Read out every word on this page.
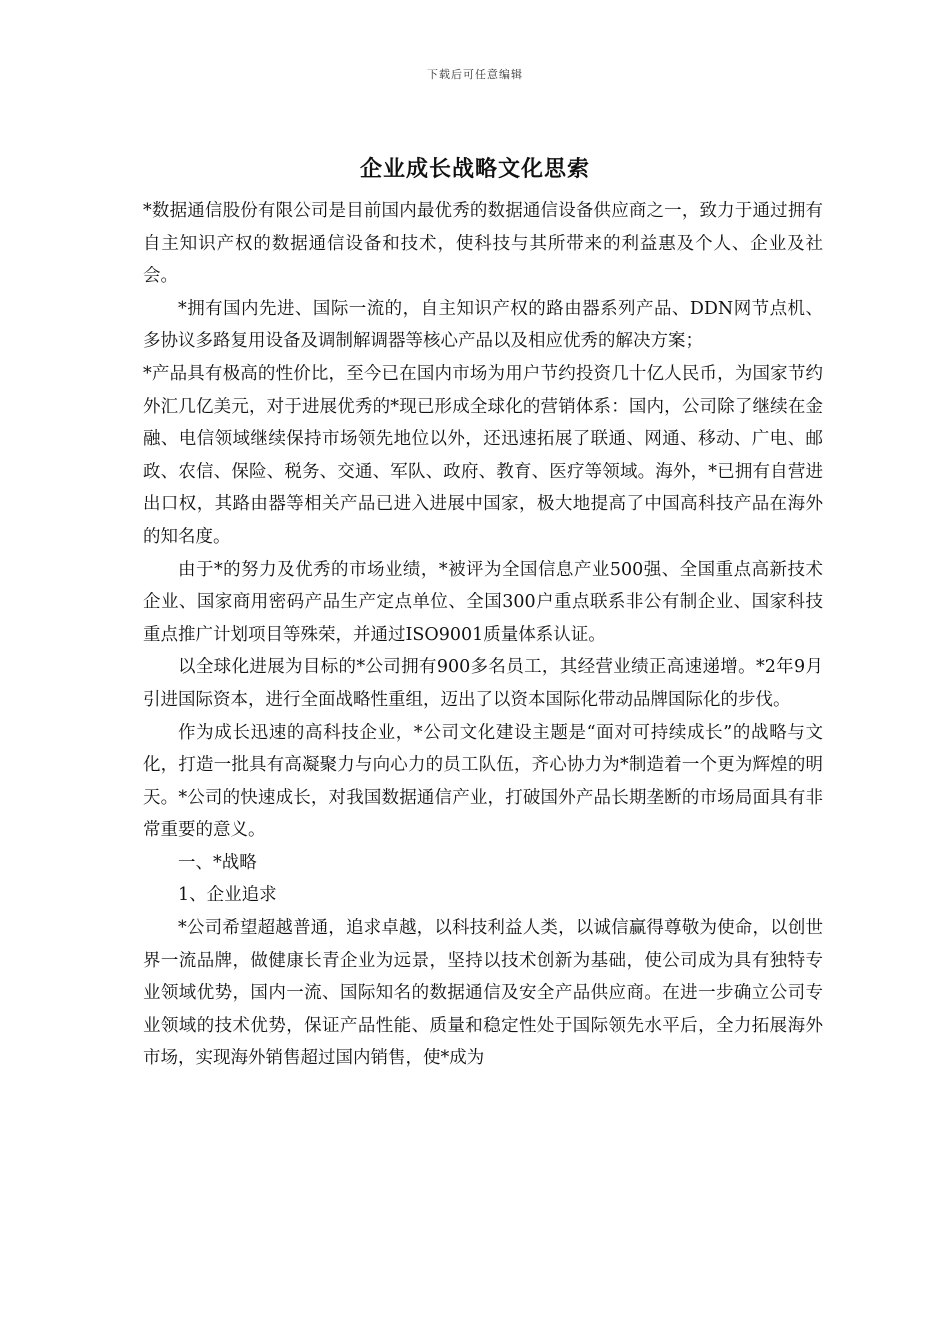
下载后可任意编辑
企业成长战略文化思索

*数据通信股份有限公司是目前国内最优秀的数据通信设备供应商之一，致力于通过拥有自主知识产权的数据通信设备和技术，使科技与其所带来的利益惠及个人、企业及社会。

*拥有国内先进、国际一流的，自主知识产权的路由器系列产品、DDN网节点机、多协议多路复用设备及调制解调器等核心产品以及相应优秀的解决方案；

*产品具有极高的性价比，至今已在国内市场为用户节约投资几十亿人民币，为国家节约外汇几亿美元，对于进展优秀的*现已形成全球化的营销体系：国内，公司除了继续在金融、电信领域继续保持市场领先地位以外，还迅速拓展了联通、网通、移动、广电、邮政、农信、保险、税务、交通、军队、政府、教育、医疗等领域。海外，*已拥有自营进出口权，其路由器等相关产品已进入进展中国家，极大地提高了中国高科技产品在海外的知名度。

由于*的努力及优秀的市场业绩，*被评为全国信息产业500强、全国重点高新技术企业、国家商用密码产品生产定点单位、全国300户重点联系非公有制企业、国家科技重点推广计划项目等殊荣，并通过ISO9001质量体系认证。

以全球化进展为目标的*公司拥有900多名员工，其经营业绩正高速递增。*2年9月引进国际资本，进行全面战略性重组，迈出了以资本国际化带动品牌国际化的步伐。

作为成长迅速的高科技企业，*公司文化建设主题是“面对可持续成长”的战略与文化，打造一批具有高凝聚力与向心力的员工队伍，齐心协力为*制造着一个更为辉煌的明天。*公司的快速成长，对我国数据通信产业，打破国外产品长期垄断的市场局面具有非常重要的意义。

一、*战略

1、企业追求

*公司希望超越普通，追求卓越，以科技利益人类，以诚信赢得尊敬为使命，以创世界一流品牌，做健康长青企业为远景，坚持以技术创新为基础，使公司成为具有独特专业领域优势，国内一流、国际知名的数据通信及安全产品供应商。在进一步确立公司专业领域的技术优势，保证产品性能、质量和稳定性处于国际领先水平后，全力拓展海外市场，实现海外销售超过国内销售，使*成为
